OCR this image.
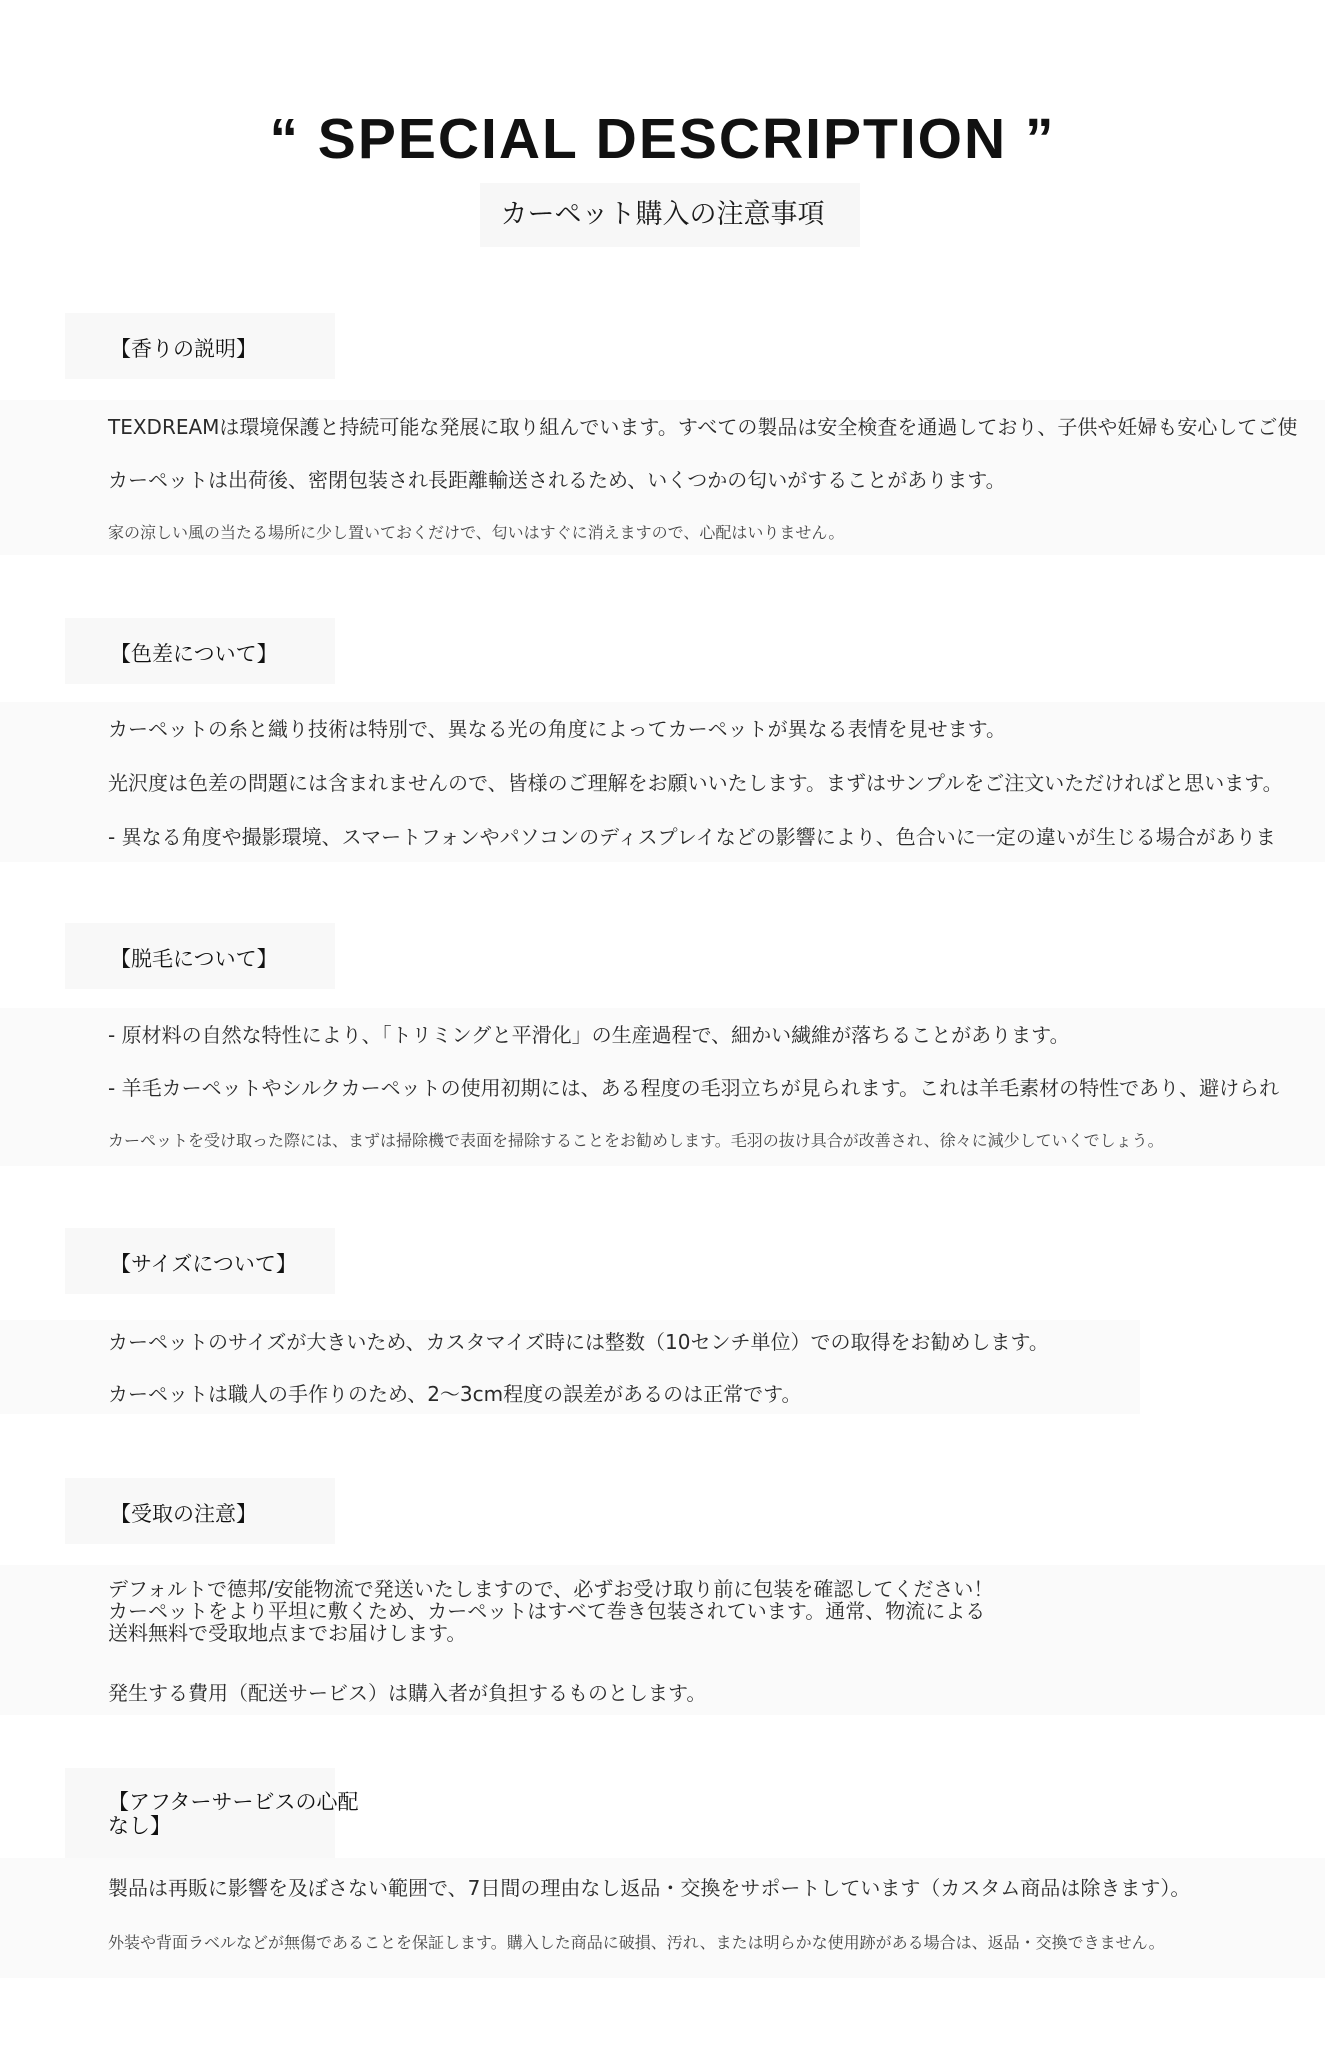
“ SPECIAL DESCRIPTION ”
カーペット購入の注意事項
【香りの説明】
TEXDREAMは環境保護と持続可能な発展に取り組んでいます。すべての製品は安全検査を通過しており、子供や妊婦も安心してご使
カーペットは出荷後、密閉包装され長距離輸送されるため、いくつかの匂いがすることがあります。
家の涼しい風の当たる場所に少し置いておくだけで、匂いはすぐに消えますので、心配はいりません。
【色差について】
カーペットの糸と織り技術は特別で、異なる光の角度によってカーペットが異なる表情を見せます。
光沢度は色差の問題には含まれませんので、皆様のご理解をお願いいたします。まずはサンプルをご注文いただければと思います。
- 異なる角度や撮影環境、スマートフォンやパソコンのディスプレイなどの影響により、色合いに一定の違いが生じる場合がありま
【脱毛について】
- 原材料の自然な特性により、「トリミングと平滑化」の生産過程で、細かい繊維が落ちることがあります。
- 羊毛カーペットやシルクカーペットの使用初期には、ある程度の毛羽立ちが見られます。これは羊毛素材の特性であり、避けられ
カーペットを受け取った際には、まずは掃除機で表面を掃除することをお勧めします。毛羽の抜け具合が改善され、徐々に減少していくでしょう。
【サイズについて】
カーペットのサイズが大きいため、カスタマイズ時には整数（10センチ単位）での取得をお勧めします。
カーペットは職人の手作りのため、2〜3cm程度の誤差があるのは正常です。
【受取の注意】
デフォルトで德邦/安能物流で発送いたしますので、必ずお受け取り前に包装を確認してください！ カーペットをより平坦に敷くため、カーペットはすべて巻き包装されています。通常、物流による送料無料で受取地点までお届けします。
発生する費用（配送サービス）は購入者が負担するものとします。
【アフターサービスの心配なし】
製品は再販に影響を及ぼさない範囲で、7日間の理由なし返品・交換をサポートしています（カスタム商品は除きます）。
外装や背面ラベルなどが無傷であることを保証します。購入した商品に破損、汚れ、または明らかな使用跡がある場合は、返品・交換できません。
